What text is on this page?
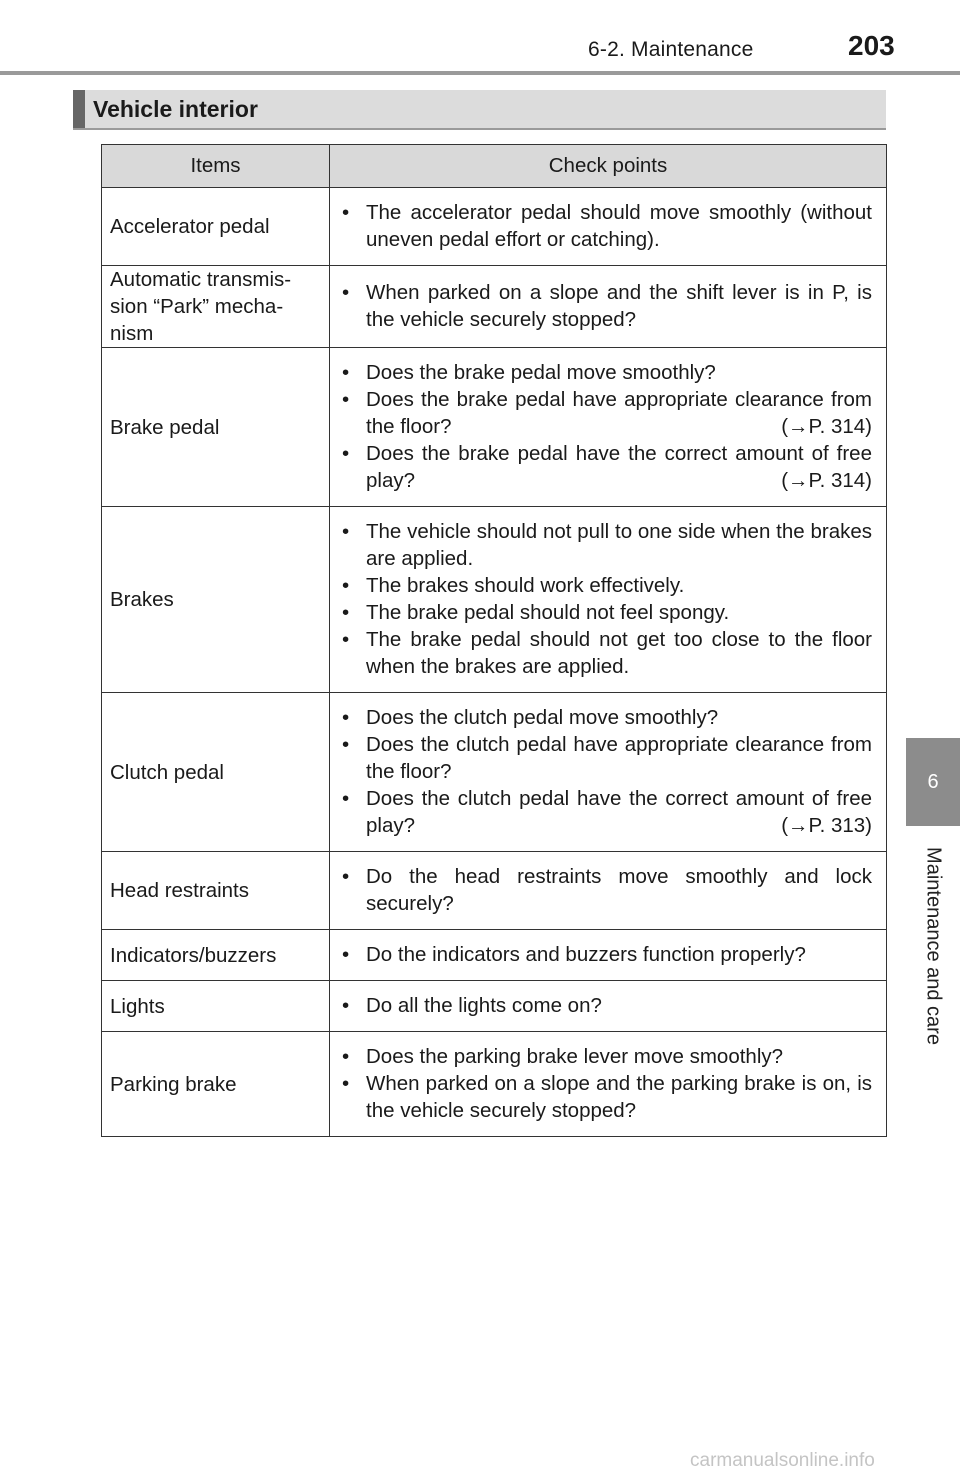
6-2. Maintenance	203
6
Maintenance and care
Vehicle interior
Items	Check points
Accelerator pedal	• The accelerator pedal should move smoothly (without uneven pedal effort or catching).

Automatic transmis-sion “Park” mecha-nism	• When parked on a slope and the shift lever is in P, is the vehicle securely stopped?

Brake pedal	• Does the brake pedal move smoothly?
• Does the brake pedal have appropriate clearance from the floor? (→P. 314)
• Does the brake pedal have the correct amount of free play? (→P. 314)

Brakes	• The vehicle should not pull to one side when the brakes are applied.
• The brakes should work effectively.
• The brake pedal should not feel spongy.
• The brake pedal should not get too close to the floor when the brakes are applied.

Clutch pedal	• Does the clutch pedal move smoothly?
• Does the clutch pedal have appropriate clearance from the floor?
• Does the clutch pedal have the correct amount of free play? (→P. 313)

Head restraints	• Do the head restraints move smoothly and lock securely?

Indicators/buzzers	• Do the indicators and buzzers function properly?

Lights	• Do all the lights come on?

Parking brake	• Does the parking brake lever move smoothly?
• When parked on a slope and the parking brake is on, is the vehicle securely stopped?
carmanualsonline.info
